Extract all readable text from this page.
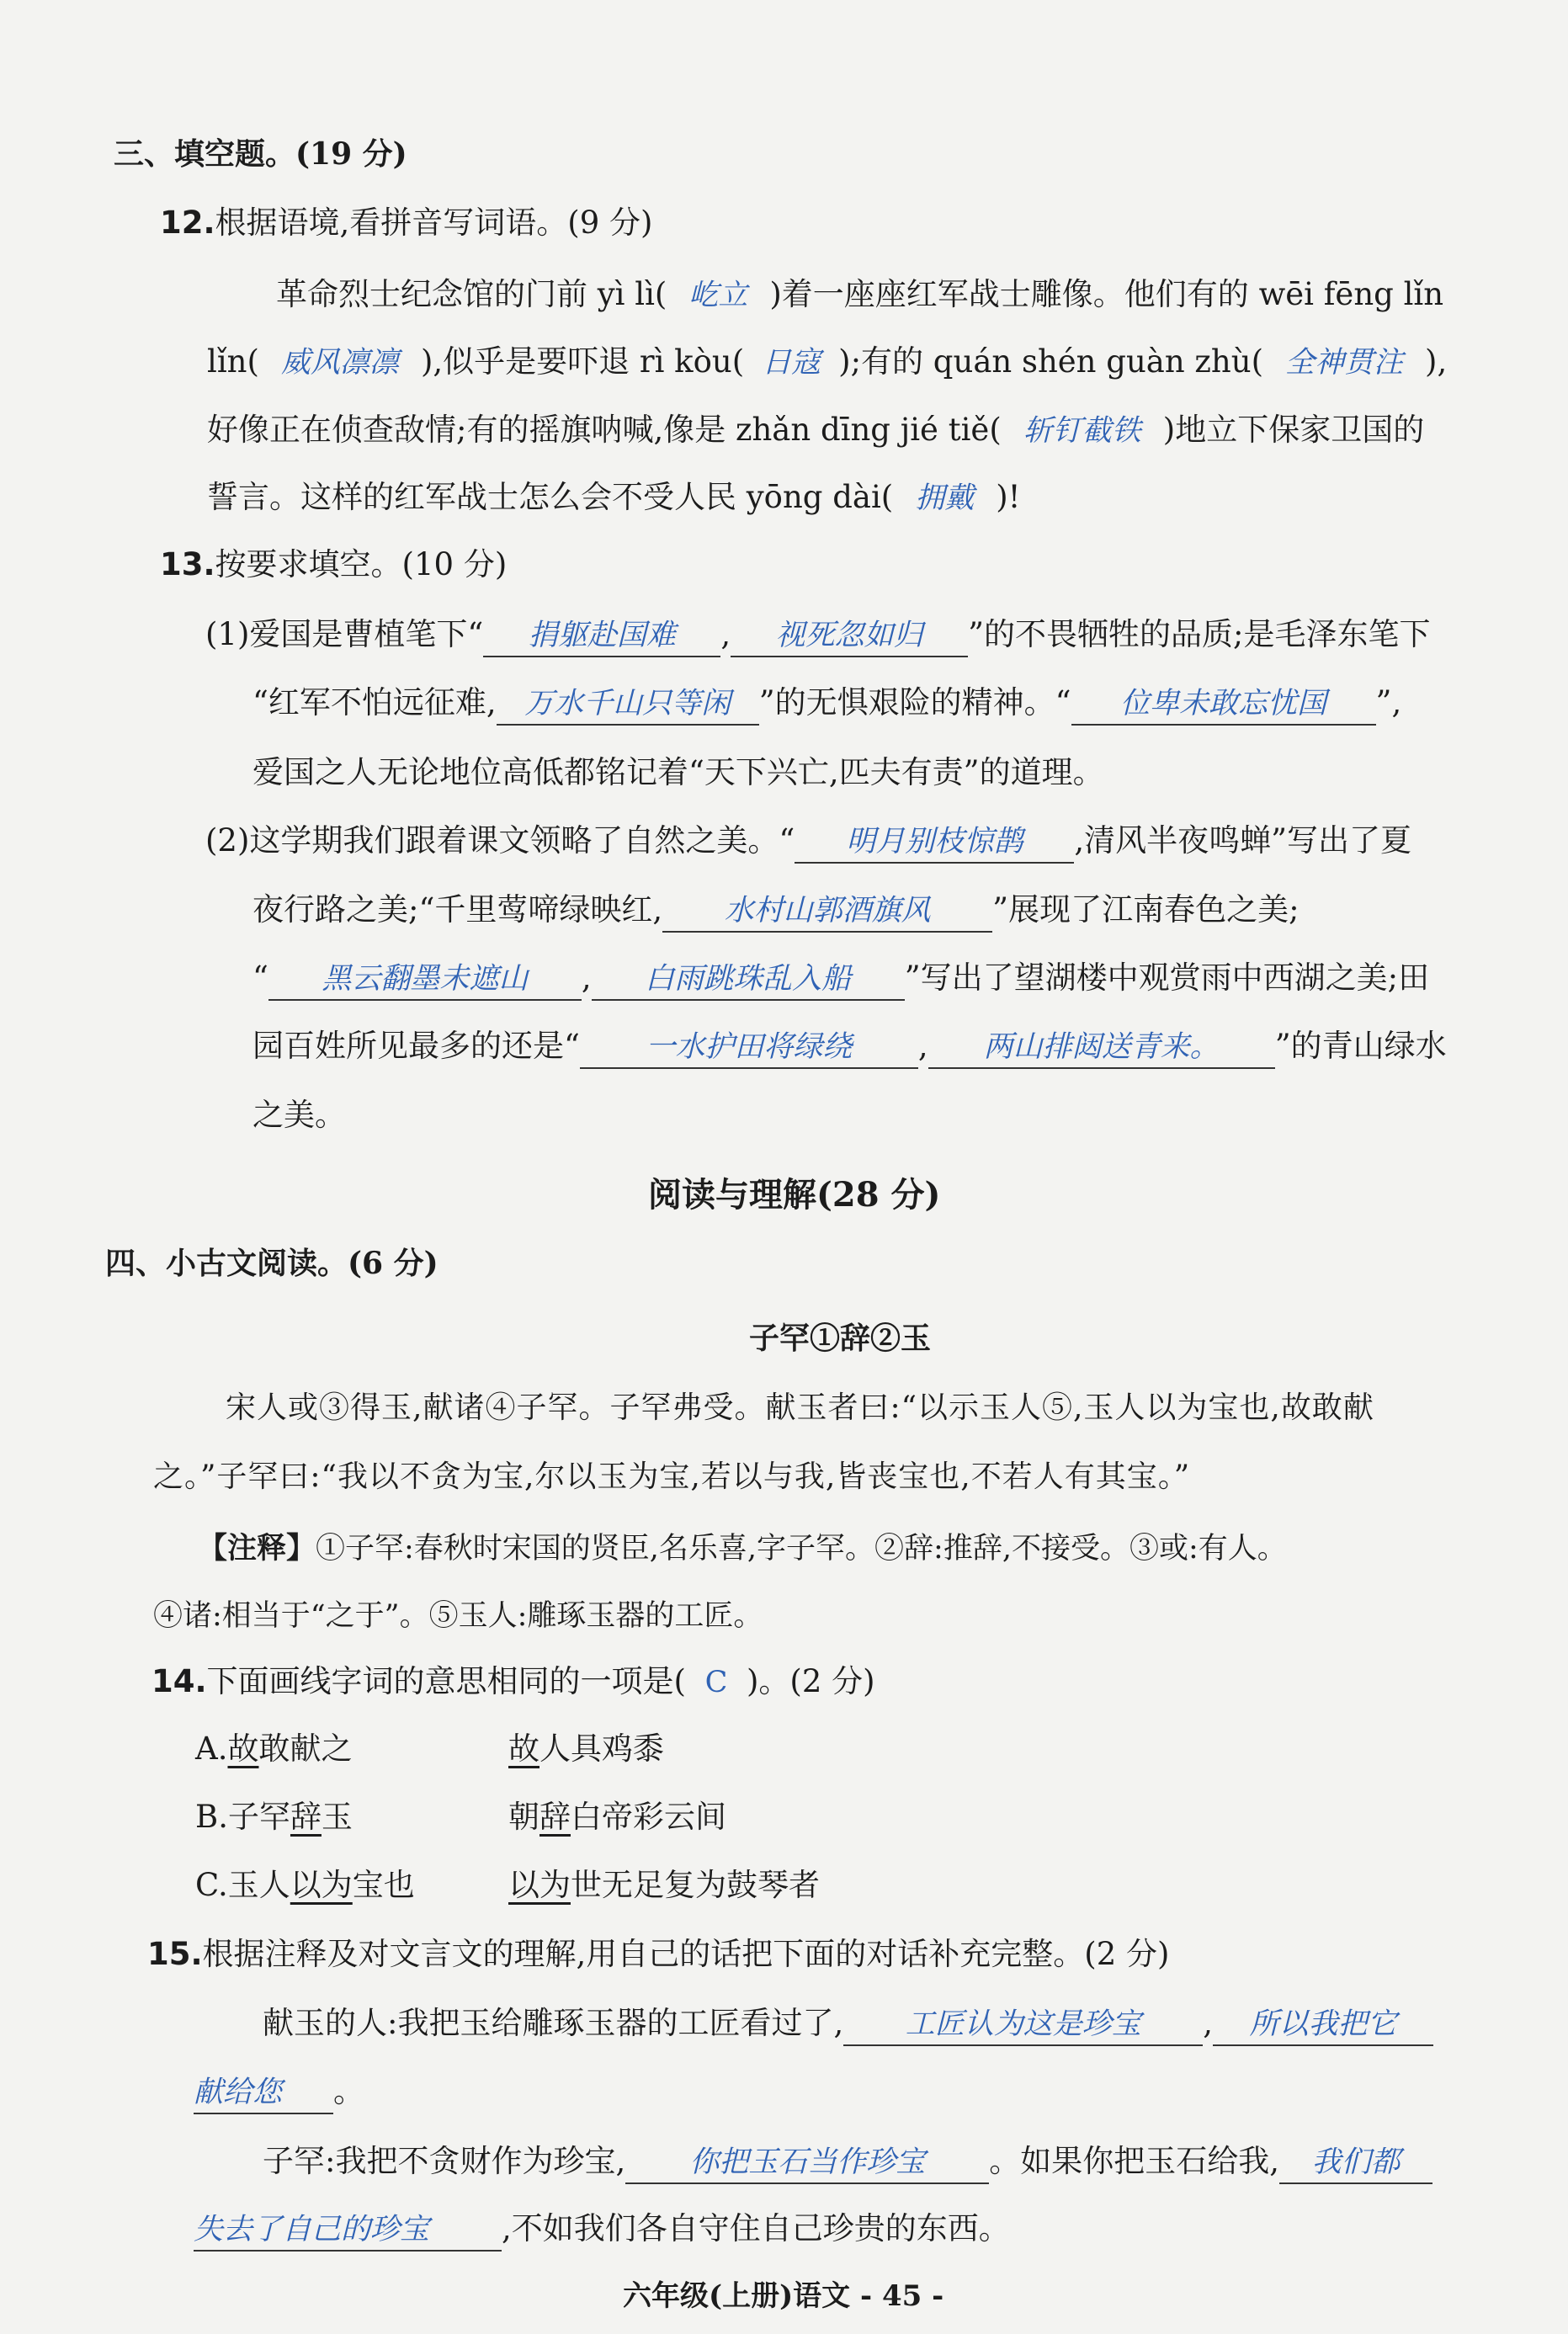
三、填空题。(19 分)
12.根据语境,看拼音写词语。(9 分)
革命烈士纪念馆的门前 yì lì( 屹立 )着一座座红军战士雕像。他们有的 wēi fēng lǐn
lǐn( 威风凛凛 ),似乎是要吓退 rì kòu( 日寇 );有的 quán shén guàn zhù( 全神贯注 ),
好像正在侦查敌情;有的摇旗呐喊,像是 zhǎn dīng jié tiě( 斩钉截铁 )地立下保家卫国的
誓言。这样的红军战士怎么会不受人民 yōng dài( 拥戴 )!
13.按要求填空。(10 分)
(1)爱国是曹植笔下“ 捐躯赴国难 , 视死忽如归 ”的不畏牺牲的品质;是毛泽东笔下
“红军不怕远征难, 万水千山只等闲 ”的无惧艰险的精神。“ 位卑未敢忘忧国 ”,
爱国之人无论地位高低都铭记着“天下兴亡,匹夫有责”的道理。
(2)这学期我们跟着课文领略了自然之美。“ 明月别枝惊鹊 ,清风半夜鸣蝉”写出了夏
夜行路之美;“千里莺啼绿映红, 水村山郭酒旗风 ”展现了江南春色之美;
“ 黑云翻墨未遮山 , 白雨跳珠乱入船 ”写出了望湖楼中观赏雨中西湖之美;田
园百姓所见最多的还是“ 一水护田将绿绕 , 两山排闼送青来。 ”的青山绿水
之美。
阅读与理解(28 分)
四、小古文阅读。(6 分)
子罕①辞②玉
宋人或③得玉,献诸④子罕。子罕弗受。献玉者曰:“以示玉人⑤,玉人以为宝也,故敢献
之。”子罕曰:“我以不贪为宝,尔以玉为宝,若以与我,皆丧宝也,不若人有其宝。”
【注释】①子罕:春秋时宋国的贤臣,名乐喜,字子罕。②辞:推辞,不接受。③或:有人。
④诸:相当于“之于”。⑤玉人:雕琢玉器的工匠。
14.下面画线字词的意思相同的一项是( C )。(2 分)
A.故敢献之	故人具鸡黍
B.子罕辞玉	朝辞白帝彩云间
C.玉人以为宝也	以为世无足复为鼓琴者
15.根据注释及对文言文的理解,用自己的话把下面的对话补充完整。(2 分)
献玉的人:我把玉给雕琢玉器的工匠看过了, 工匠认为这是珍宝 , 所以我把它
献给您 。
子罕:我把不贪财作为珍宝, 你把玉石当作珍宝 。如果你把玉石给我, 我们都
失去了自己的珍宝 ,不如我们各自守住自己珍贵的东西。
六年级(上册)语文 - 45 -
